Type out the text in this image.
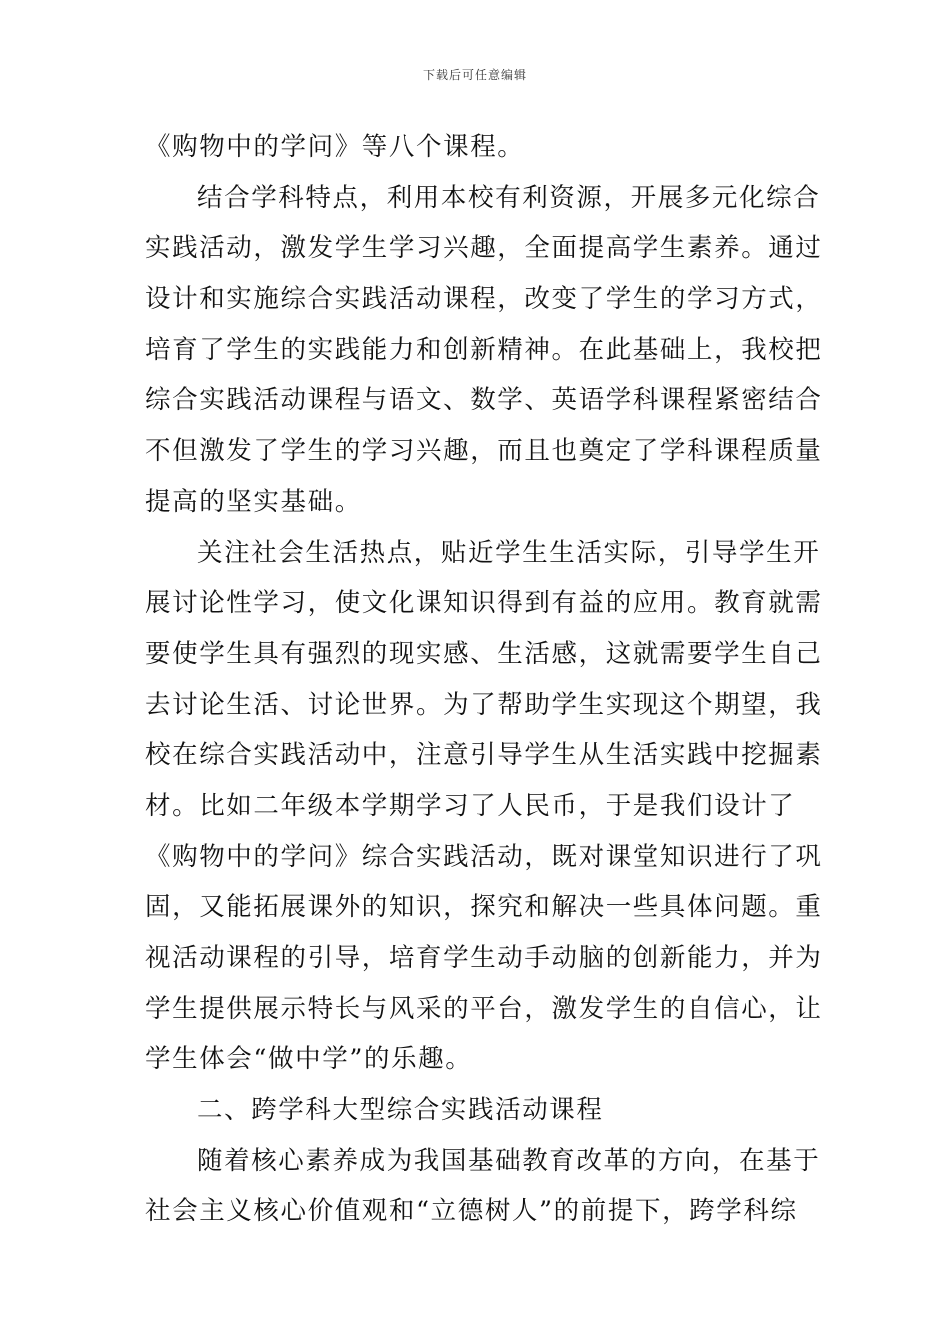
下载后可任意编辑
《购物中的学问》等八个课程。
结合学科特点，利用本校有利资源，开展多元化综合
实践活动，激发学生学习兴趣，全面提高学生素养。通过
设计和实施综合实践活动课程，改变了学生的学习方式，
培育了学生的实践能力和创新精神。在此基础上，我校把
综合实践活动课程与语文、数学、英语学科课程紧密结合
不但激发了学生的学习兴趣，而且也奠定了学科课程质量
提高的坚实基础。
关注社会生活热点，贴近学生生活实际，引导学生开
展讨论性学习，使文化课知识得到有益的应用。教育就需
要使学生具有强烈的现实感、生活感，这就需要学生自己
去讨论生活、讨论世界。为了帮助学生实现这个期望，我
校在综合实践活动中，注意引导学生从生活实践中挖掘素
材。比如二年级本学期学习了人民币，于是我们设计了
《购物中的学问》综合实践活动，既对课堂知识进行了巩
固，又能拓展课外的知识，探究和解决一些具体问题。重
视活动课程的引导，培育学生动手动脑的创新能力，并为
学生提供展示特长与风采的平台，激发学生的自信心，让
学生体会“做中学”的乐趣。
二、跨学科大型综合实践活动课程
随着核心素养成为我国基础教育改革的方向，在基于
社会主义核心价值观和“立德树人”的前提下，跨学科综
